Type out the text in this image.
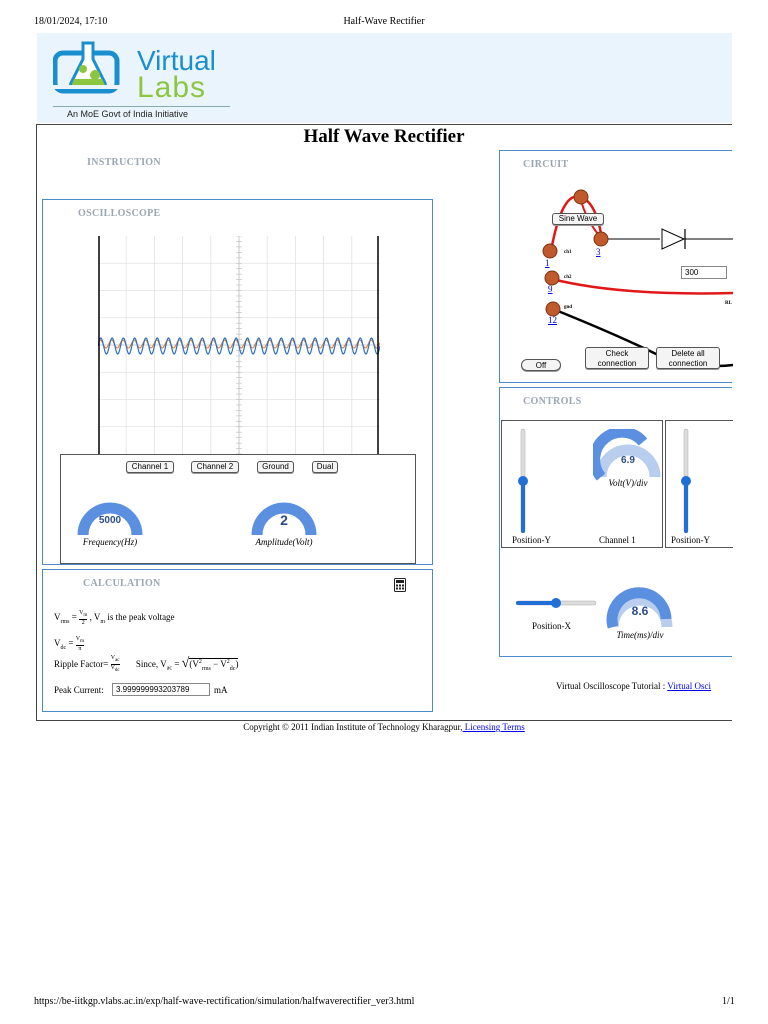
18/01/2024, 17:10	Half-Wave Rectifier
Virtual
Labs
An MoE Govt of India Initiative
Half Wave Rectifier
INSTRUCTION
OSCILLOSCOPE
Channel 1	Channel 2	Ground	Dual
5000
Frequency(Hz)
2
Amplitude(Volt)
CALCULATION
$V_{rms} = \frac{V_m}{2}$ , $V_m$ is the peak voltage
$V_{dc} = \frac{V_m}{\pi}$
Ripple Factor=
$V_{ac}$
$V_{dc}$
Since, $V_{ac} = √(V^2_{rms} - V^2_{dc})$
Peak Current:
3.999999993203789	mA
CIRCUIT
Sine Wave
1
ch1	3
9
ch2
12
gnd
300
RL
Off
Check
connection
Delete all
connection
CONTROLS
Position-Y
6.9
Volt(V)/div
Channel 1	Position-Y
Position-X
8.6
Time(ms)/div
Virtual Oscilloscope Tutorial : Virtual Osci
Copyright © 2011 Indian Institute of Technology Kharagpur, Licensing Terms
https://be-iitkgp.vlabs.ac.in/exp/half-wave-rectification/simulation/halfwaverectifier_ver3.html	1/1
